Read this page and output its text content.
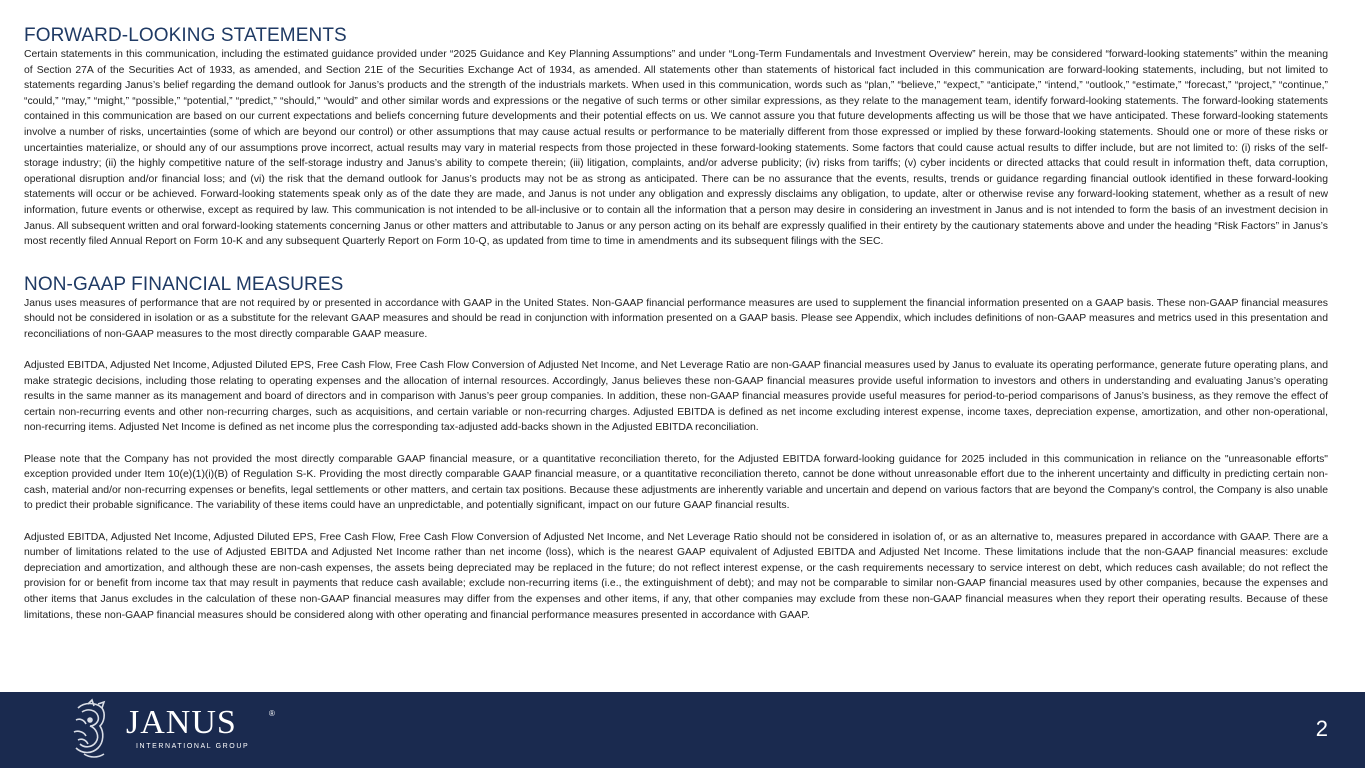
FORWARD-LOOKING STATEMENTS

Certain statements in this communication, including the estimated guidance provided under “2025 Guidance and Key Planning Assumptions” and under “Long-Term Fundamentals and Investment Overview” herein, may be considered “forward-looking statements” within the meaning of Section 27A of the Securities Act of 1933, as amended, and Section 21E of the Securities Exchange Act of 1934, as amended. All statements other than statements of historical fact included in this communication are forward-looking statements, including, but not limited to statements regarding Janus’s belief regarding the demand outlook for Janus’s products and the strength of the industrials markets. When used in this communication, words such as “plan,” “believe,” “expect,” “anticipate,” “intend,” “outlook,” “estimate,” “forecast,” “project,” “continue,” “could,” “may,” “might,” “possible,” “potential,” “predict,” “should,” “would” and other similar words and expressions or the negative of such terms or other similar expressions, as they relate to the management team, identify forward-looking statements. The forward-looking statements contained in this communication are based on our current expectations and beliefs concerning future developments and their potential effects on us. We cannot assure you that future developments affecting us will be those that we have anticipated. These forward-looking statements involve a number of risks, uncertainties (some of which are beyond our control) or other assumptions that may cause actual results or performance to be materially different from those expressed or implied by these forward-looking statements. Should one or more of these risks or uncertainties materialize, or should any of our assumptions prove incorrect, actual results may vary in material respects from those projected in these forward-looking statements. Some factors that could cause actual results to differ include, but are not limited to: (i) risks of the self-storage industry; (ii) the highly competitive nature of the self-storage industry and Janus’s ability to compete therein; (iii) litigation, complaints, and/or adverse publicity; (iv) risks from tariffs; (v) cyber incidents or directed attacks that could result in information theft, data corruption, operational disruption and/or financial loss; and (vi) the risk that the demand outlook for Janus’s products may not be as strong as anticipated. There can be no assurance that the events, results, trends or guidance regarding financial outlook identified in these forward-looking statements will occur or be achieved. Forward-looking statements speak only as of the date they are made, and Janus is not under any obligation and expressly disclaims any obligation, to update, alter or otherwise revise any forward-looking statement, whether as a result of new information, future events or otherwise, except as required by law. This communication is not intended to be all-inclusive or to contain all the information that a person may desire in considering an investment in Janus and is not intended to form the basis of an investment decision in Janus. All subsequent written and oral forward-looking statements concerning Janus or other matters and attributable to Janus or any person acting on its behalf are expressly qualified in their entirety by the cautionary statements above and under the heading “Risk Factors” in Janus’s most recently filed Annual Report on Form 10-K and any subsequent Quarterly Report on Form 10-Q, as updated from time to time in amendments and its subsequent filings with the SEC.

NON-GAAP FINANCIAL MEASURES

Janus uses measures of performance that are not required by or presented in accordance with GAAP in the United States. Non-GAAP financial performance measures are used to supplement the financial information presented on a GAAP basis. These non-GAAP financial measures should not be considered in isolation or as a substitute for the relevant GAAP measures and should be read in conjunction with information presented on a GAAP basis. Please see Appendix, which includes definitions of non-GAAP measures and metrics used in this presentation and reconciliations of non-GAAP measures to the most directly comparable GAAP measure.

Adjusted EBITDA, Adjusted Net Income, Adjusted Diluted EPS, Free Cash Flow, Free Cash Flow Conversion of Adjusted Net Income, and Net Leverage Ratio are non-GAAP financial measures used by Janus to evaluate its operating performance, generate future operating plans, and make strategic decisions, including those relating to operating expenses and the allocation of internal resources. Accordingly, Janus believes these non-GAAP financial measures provide useful information to investors and others in understanding and evaluating Janus’s operating results in the same manner as its management and board of directors and in comparison with Janus’s peer group companies. In addition, these non-GAAP financial measures provide useful measures for period-to-period comparisons of Janus’s business, as they remove the effect of certain non-recurring events and other non-recurring charges, such as acquisitions, and certain variable or non-recurring charges. Adjusted EBITDA is defined as net income excluding interest expense, income taxes, depreciation expense, amortization, and other non-operational, non-recurring items. Adjusted Net Income is defined as net income plus the corresponding tax-adjusted add-backs shown in the Adjusted EBITDA reconciliation.

Please note that the Company has not provided the most directly comparable GAAP financial measure, or a quantitative reconciliation thereto, for the Adjusted EBITDA forward-looking guidance for 2025 included in this communication in reliance on the "unreasonable efforts" exception provided under Item 10(e)(1)(i)(B) of Regulation S-K. Providing the most directly comparable GAAP financial measure, or a quantitative reconciliation thereto, cannot be done without unreasonable effort due to the inherent uncertainty and difficulty in predicting certain non-cash, material and/or non-recurring expenses or benefits, legal settlements or other matters, and certain tax positions. Because these adjustments are inherently variable and uncertain and depend on various factors that are beyond the Company's control, the Company is also unable to predict their probable significance. The variability of these items could have an unpredictable, and potentially significant, impact on our future GAAP financial results.

Adjusted EBITDA, Adjusted Net Income, Adjusted Diluted EPS, Free Cash Flow, Free Cash Flow Conversion of Adjusted Net Income, and Net Leverage Ratio should not be considered in isolation of, or as an alternative to, measures prepared in accordance with GAAP. There are a number of limitations related to the use of Adjusted EBITDA and Adjusted Net Income rather than net income (loss), which is the nearest GAAP equivalent of Adjusted EBITDA and Adjusted Net Income. These limitations include that the non-GAAP financial measures: exclude depreciation and amortization, and although these are non-cash expenses, the assets being depreciated may be replaced in the future; do not reflect interest expense, or the cash requirements necessary to service interest on debt, which reduces cash available; do not reflect the provision for or benefit from income tax that may result in payments that reduce cash available; exclude non-recurring items (i.e., the extinguishment of debt); and may not be comparable to similar non-GAAP financial measures used by other companies, because the expenses and other items that Janus excludes in the calculation of these non-GAAP financial measures may differ from the expenses and other items, if any, that other companies may exclude from these non-GAAP financial measures when they report their operating results. Because of these limitations, these non-GAAP financial measures should be considered along with other operating and financial performance measures presented in accordance with GAAP.

JANUS	®
INTERNATIONAL GROUP
2
